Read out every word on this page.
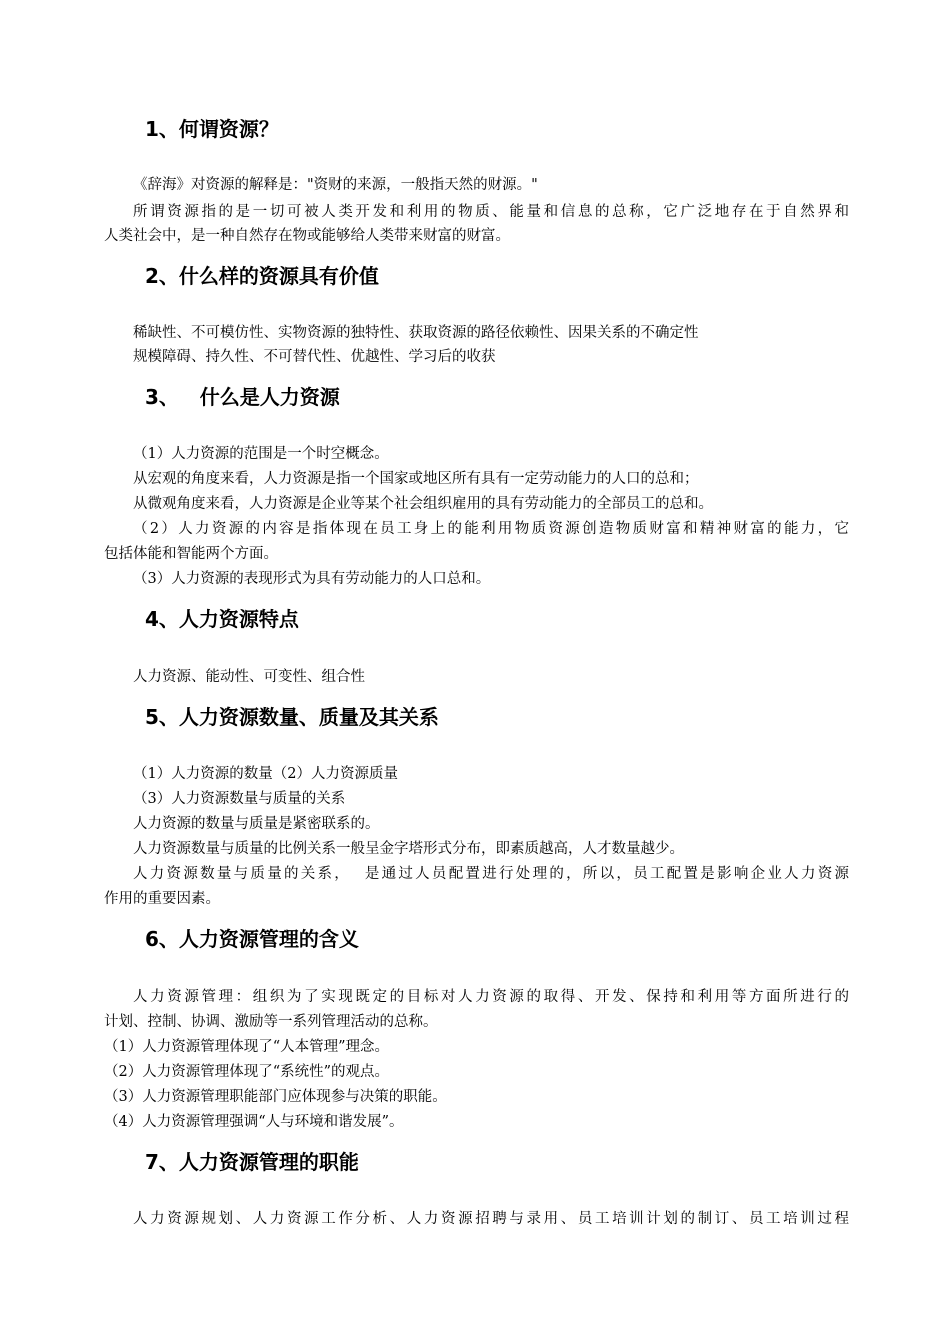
1、何谓资源？
《辞海》对资源的解释是："资财的来源，一般指天然的财源。"
所谓资源指的是一切可被人类开发和利用的物质、能量和信息的总称，它广泛地存在于自然界和
人类社会中，是一种自然存在物或能够给人类带来财富的财富。
2、什么样的资源具有价值
稀缺性、不可模仿性、实物资源的独特性、获取资源的路径依赖性、因果关系的不确定性
规模障碍、持久性、不可替代性、优越性、学习后的收获
3、   什么是人力资源
（1）人力资源的范围是一个时空概念。
从宏观的角度来看，人力资源是指一个国家或地区所有具有一定劳动能力的人口的总和；
从微观角度来看，人力资源是企业等某个社会组织雇用的具有劳动能力的全部员工的总和。
（2）人力资源的内容是指体现在员工身上的能利用物质资源创造物质财富和精神财富的能力，它
包括体能和智能两个方面。
（3）人力资源的表现形式为具有劳动能力的人口总和。
4、人力资源特点
人力资源、能动性、可变性、组合性
5、人力资源数量、质量及其关系
（1）人力资源的数量（2）人力资源质量
（3）人力资源数量与质量的关系
人力资源的数量与质量是紧密联系的。
人力资源数量与质量的比例关系一般呈金字塔形式分布，即素质越高，人才数量越少。
人力资源数量与质量的关系，  是通过人员配置进行处理的，所以，员工配置是影响企业人力资源
作用的重要因素。
6、人力资源管理的含义
人力资源管理：组织为了实现既定的目标对人力资源的取得、开发、保持和利用等方面所进行的
计划、控制、协调、激励等一系列管理活动的总称。
（1）人力资源管理体现了“人本管理”理念。
（2）人力资源管理体现了“系统性”的观点。
（3）人力资源管理职能部门应体现参与决策的职能。
（4）人力资源管理强调“人与环境和谐发展”。
7、人力资源管理的职能
人力资源规划、人力资源工作分析、人力资源招聘与录用、员工培训计划的制订、员工培训过程
